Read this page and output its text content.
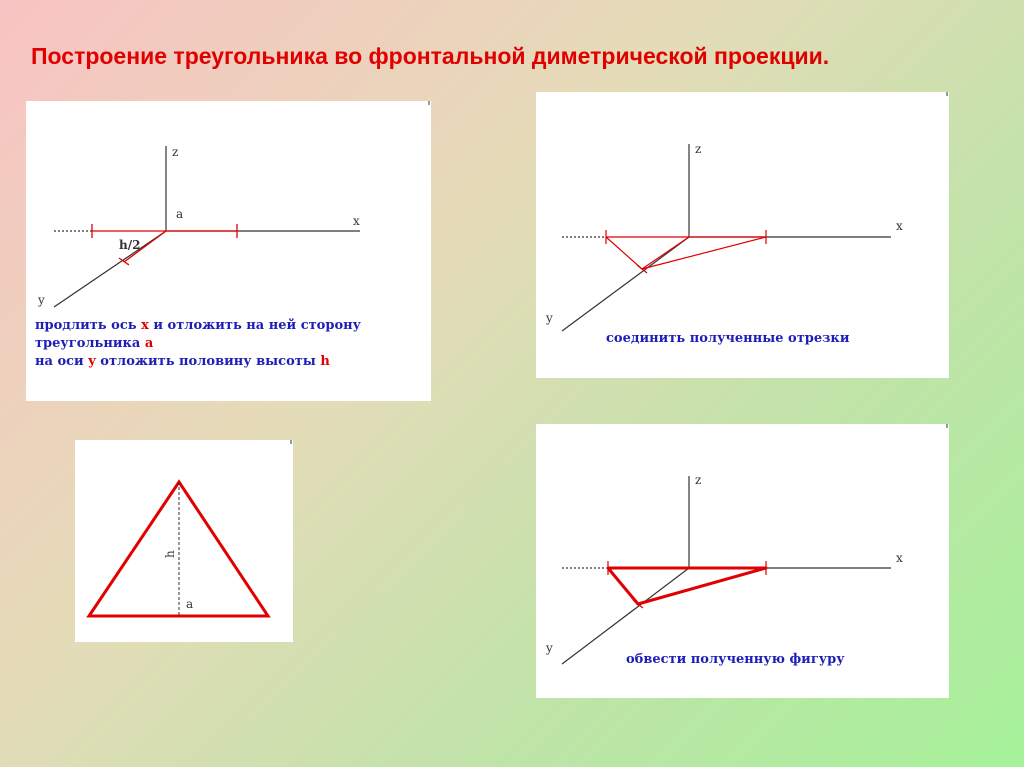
Построение треугольника во фронтальной диметрической проекции.
z
x
y
a
h/2
продлить ось x и отложить на ней сторону
треугольника a
на оси y отложить половину высоты h
z
x
y
соединить полученные отрезки
h
a
z
x
y
обвести полученную фигуру
